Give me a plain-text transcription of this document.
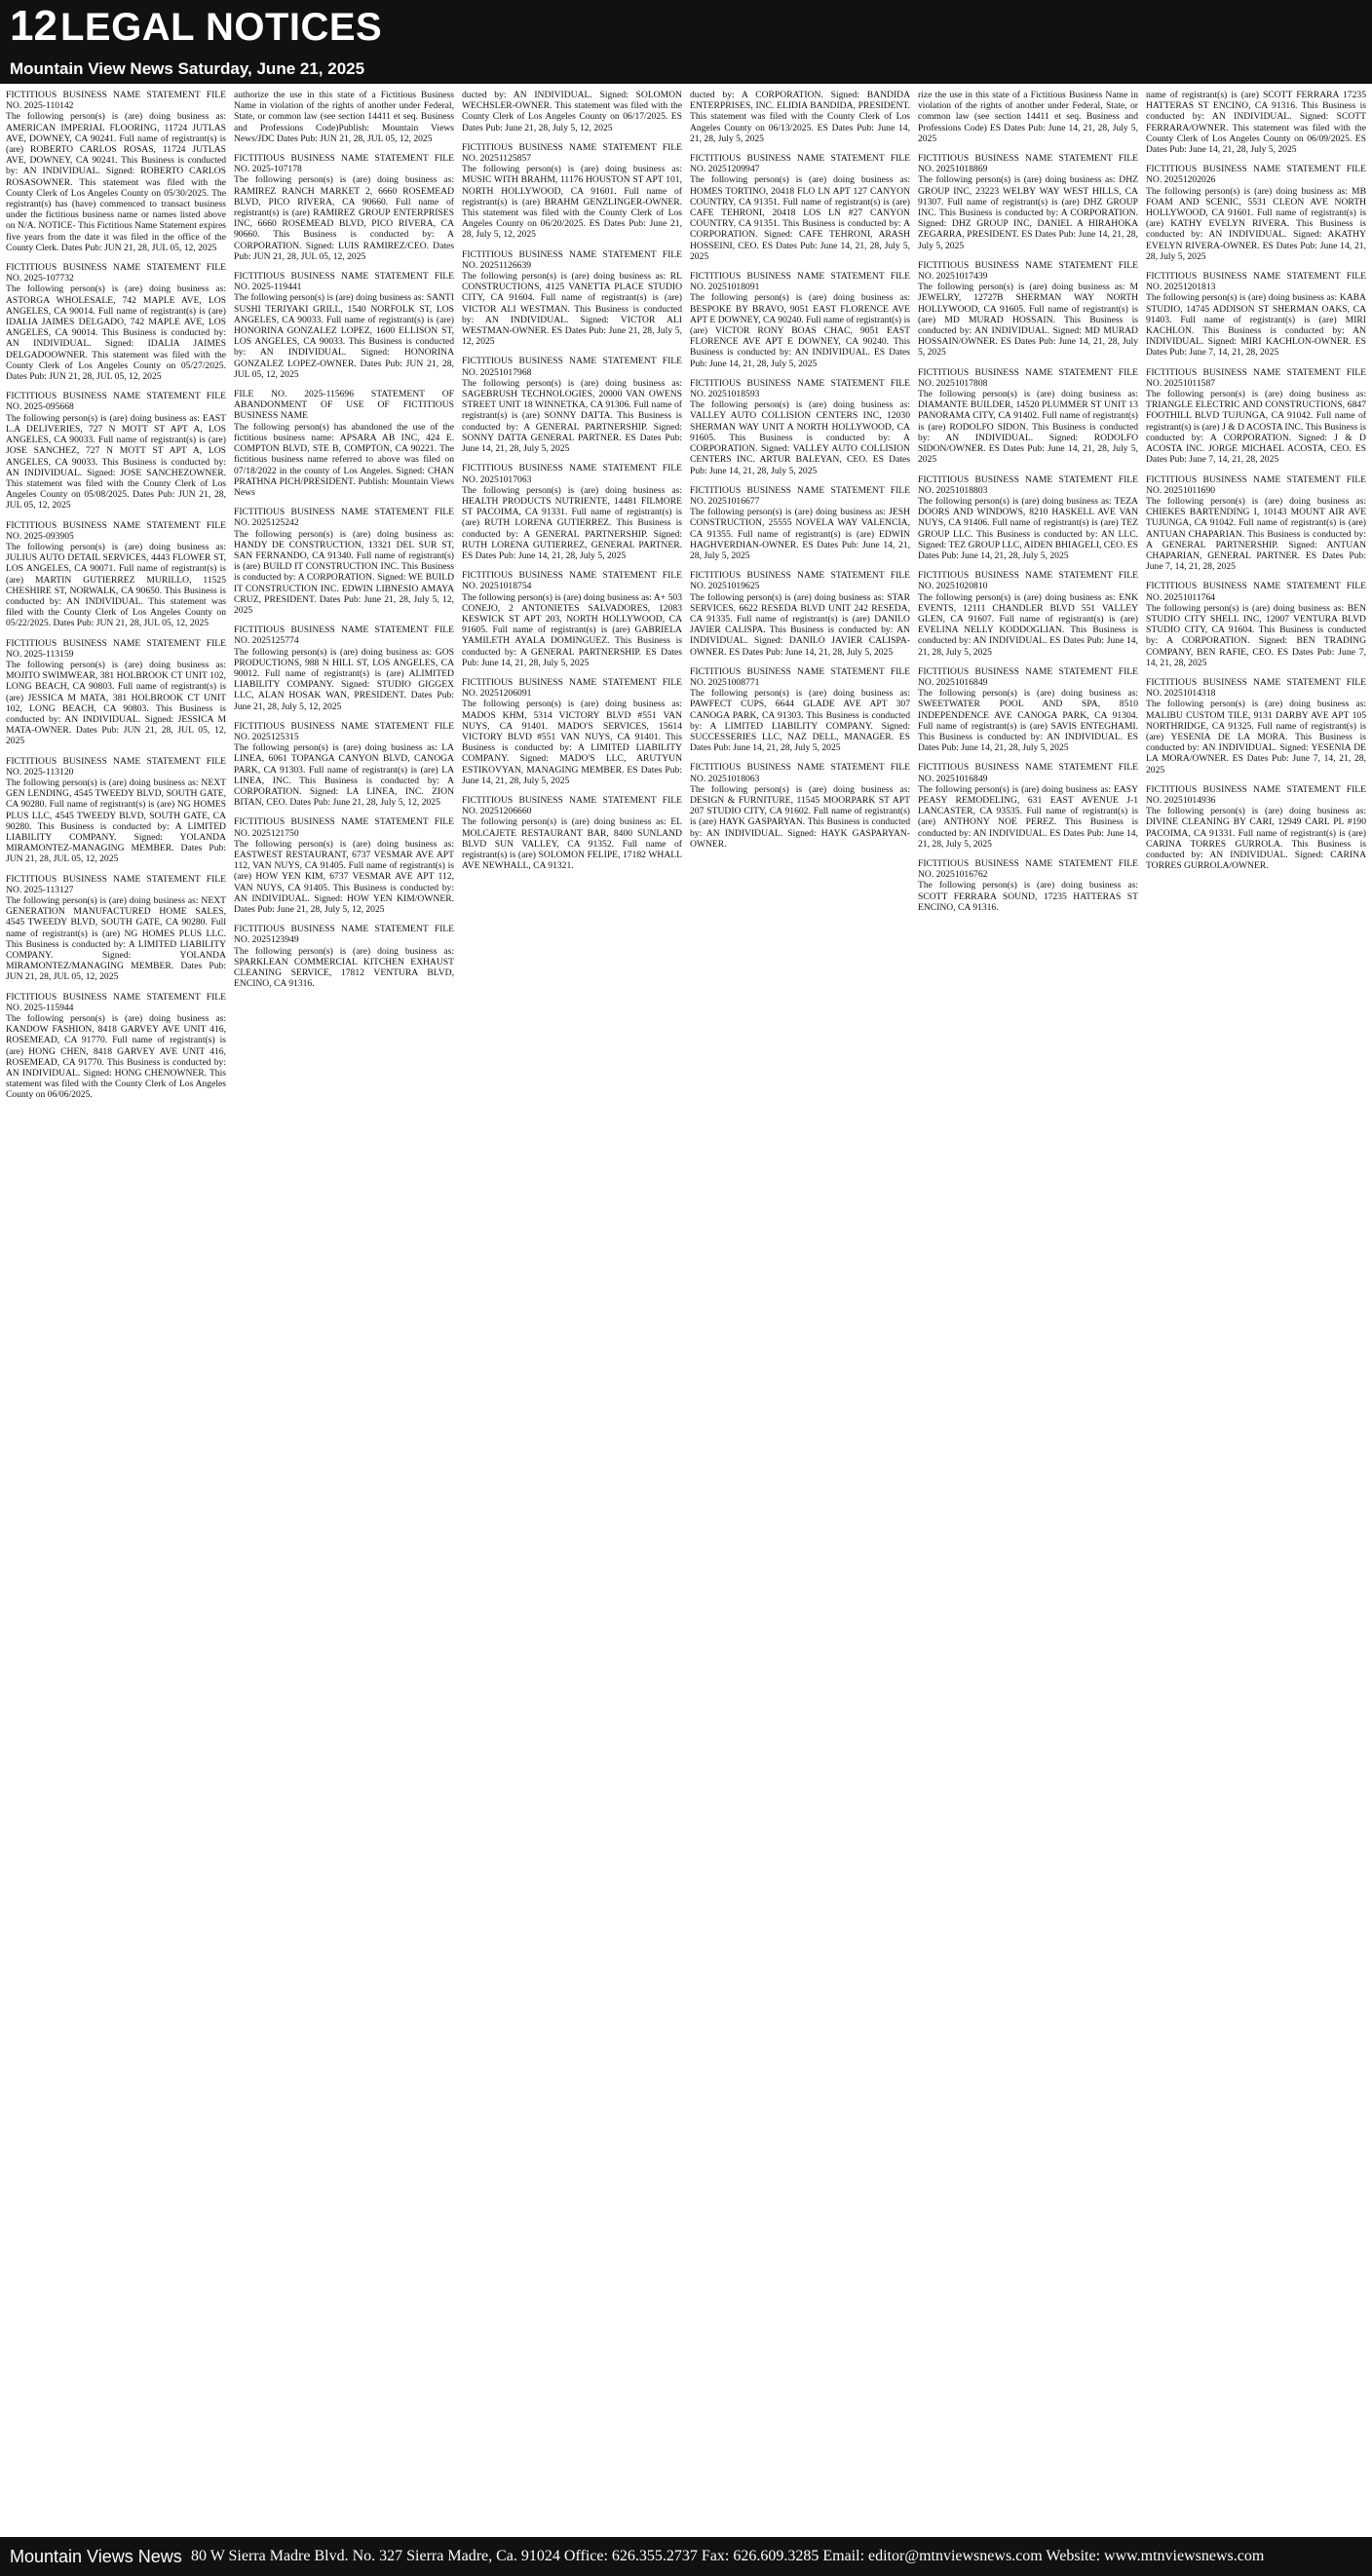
12 LEGAL NOTICES
Mountain View News Saturday, June 21, 2025
FICTITIOUS BUSINESS NAME STATEMENT FILE NO. 2025-110142
The following person(s) is (are) doing business as: AMERICAN IMPERIAL FLOORING, 11724 JUTLAS AVE, DOWNEY, CA 90241. Full name of registrant(s) is (are) ROBERTO CARLOS ROSAS, 11724 JUTLAS AVE, DOWNEY, CA 90241. This Business is conducted by: AN INDIVIDUAL. Signed: ROBERTO CARLOS ROSASOWNER. This statement was filed with the County Clerk of Los Angeles County on 05/30/2025. The registrant(s) has (have) commenced to transact business under the fictitious business name or names listed above on N/A. NOTICE- This Fictitious Name Statement expires five years from the date it was filed in the office of the County Clerk. Dates Pub: JUN 21, 28, JUL 05, 12, 2025
FICTITIOUS BUSINESS NAME STATEMENT FILE NO. 2025-107732
The following person(s) is (are) doing business as: ASTORGA WHOLESALE, 742 MAPLE AVE, LOS ANGELES, CA 90014. Full name of registrant(s) is (are) IDALIA JAIMES DELGADO, 742 MAPLE AVE, LOS ANGELES, CA 90014. This Business is conducted by: AN INDIVIDUAL. Signed: IDALIA JAIMES DELGADOOWNER. This statement was filed with the County Clerk of Los Angeles County on 05/27/2025. Dates Pub: JUN 21, 28, JUL 05, 12, 2025
FICTITIOUS BUSINESS NAME STATEMENT FILE NO. 2025-095668
The following person(s) is (are) doing business as: EAST L.A DELIVERIES, 727 N MOTT ST APT A, LOS ANGELES, CA 90033. Full name of registrant(s) is (are) JOSE SANCHEZ, 727 N MOTT ST APT A, LOS ANGELES, CA 90033. This Business is conducted by: AN INDIVIDUAL. Signed: JOSE SANCHEZOWNER. This statement was filed with the County Clerk of Los Angeles County on 05/08/2025. Dates Pub: JUN 21, 28, JUL 05, 12, 2025
FICTITIOUS BUSINESS NAME STATEMENT FILE NO. 2025-093905
The following person(s) is (are) doing business as: JULIUS AUTO DETAIL SERVICES, 4443 FLOWER ST, LOS ANGELES, CA 90071. Full name of registrant(s) is (are) MARTIN GUTIERREZ MURILLO, 11525 CHESHIRE ST, NORWALK, CA 90650. This Business is conducted by: AN INDIVIDUAL. This statement was filed with the County Clerk of Los Angeles County on 05/22/2025. Dates Pub: JUN 21, 28, JUL 05, 12, 2025
FICTITIOUS BUSINESS NAME STATEMENT FILE NO. 2025-113159
The following person(s) is (are) doing business as: MOJITO SWIMWEAR, 381 HOLBROOK CT UNIT 102, LONG BEACH, CA 90803. Full name of registrant(s) is (are) JESSICA M MATA, 381 HOLBROOK CT UNIT 102, LONG BEACH, CA 90803. This Business is conducted by: AN INDIVIDUAL. Signed: JESSICA M MATA-OWNER. Dates Pub: JUN 21, 28, JUL 05, 12, 2025
FICTITIOUS BUSINESS NAME STATEMENT FILE NO. 2025-113120
The following person(s) is (are) doing business as: NEXT GEN LENDING, 4545 TWEEDY BLVD, SOUTH GATE, CA 90280. Full name of registrant(s) is (are) NG HOMES PLUS LLC, 4545 TWEEDY BLVD, SOUTH GATE, CA 90280. This Business is conducted by: A LIMITED LIABILITY COMPANY. Signed: YOLANDA MIRAMONTEZ-MANAGING MEMBER. Dates Pub: JUN 21, 28, JUL 05, 12, 2025
FICTITIOUS BUSINESS NAME STATEMENT FILE NO. 2025-113127
The following person(s) is (are) doing business as: NEXT GENERATION MANUFACTURED HOME SALES, 4545 TWEEDY BLVD, SOUTH GATE, CA 90280. Full name of registrant(s) is (are) NG HOMES PLUS LLC. This Business is conducted by: A LIMITED LIABILITY COMPANY. Signed: YOLANDA MIRAMONTEZ/MANAGING MEMBER. Dates Pub: JUN 21, 28, JUL 05, 12, 2025
FICTITIOUS BUSINESS NAME STATEMENT FILE NO. 2025-115944
The following person(s) is (are) doing business as: KANDOW FASHION, 8418 GARVEY AVE UNIT 416, ROSEMEAD, CA 91770. Full name of registrant(s) is (are) HONG CHEN, 8418 GARVEY AVE UNIT 416, ROSEMEAD, CA 91770. This Business is conducted by: AN INDIVIDUAL. Signed: HONG CHENOWNER. This statement was filed with the County Clerk of Los Angeles County on 06/06/2025.
authorize the use in this state of a Fictitious Business Name in violation of the rights of another under Federal, State, or common law (see section 14411 et seq. Business and Professions Code)Publish: Mountain Views News/JDC Dates Pub: JUN 21, 28, JUL 05, 12, 2025
FICTITIOUS BUSINESS NAME STATEMENT FILE NO. 2025-107178
The following person(s) is (are) doing business as: RAMIREZ RANCH MARKET 2, 6660 ROSEMEAD BLVD, PICO RIVERA, CA 90660. Full name of registrant(s) is (are) RAMIREZ GROUP ENTERPRISES INC, 6660 ROSEMEAD BLVD, PICO RIVERA, CA 90660. This Business is conducted by: A CORPORATION. Signed: LUIS RAMIREZ/CEO. Dates Pub: JUN 21, 28, JUL 05, 12, 2025
FICTITIOUS BUSINESS NAME STATEMENT FILE NO. 2025-119441
The following person(s) is (are) doing business as: SANTI SUSHI TERIYAKI GRILL, 1540 NORFOLK ST, LOS ANGELES, CA 90033. Full name of registrant(s) is (are) HONORINA GONZALEZ LOPEZ, 1600 ELLISON ST, LOS ANGELES, CA 90033. This Business is conducted by: AN INDIVIDUAL. Signed: HONORINA GONZALEZ LOPEZ-OWNER. Dates Pub: JUN 21, 28, JUL 05, 12, 2025
FILE NO. 2025-115696 STATEMENT OF ABANDONMENT OF USE OF FICTITIOUS BUSINESS NAME
The following person(s) has abandoned the use of the fictitious business name: APSARA AB INC, 424 E. COMPTON BLVD, STE B, COMPTON, CA 90221. The fictitious business name referred to above was filed on 07/18/2022 in the county of Los Angeles. Signed: CHAN PRATHNA PICH/PRESIDENT. Publish: Mountain Views News
FICTITIOUS BUSINESS NAME STATEMENT FILE NO. 2025125242
The following person(s) is (are) doing business as: HANDY DE CONSTRUCTION, 13321 DEL SUR ST, SAN FERNANDO, CA 91340. Full name of registrant(s) is (are) BUILD IT CONSTRUCTION INC. This Business is conducted by: A CORPORATION. Signed: WE BUILD IT CONSTRUCTION INC. EDWIN LIBNESIO AMAYA CRUZ, PRESIDENT. Dates Pub: June 21, 28, July 5, 12, 2025
FICTITIOUS BUSINESS NAME STATEMENT FILE NO. 2025125774
The following person(s) is (are) doing business as: GOS PRODUCTIONS, 988 N HILL ST, LOS ANGELES, CA 90012. Full name of registrant(s) is (are) ALIMITED LIABILITY COMPANY. Signed: STUDIO GIGGEX LLC, ALAN HOSAK WAN, PRESIDENT. Dates Pub: June 21, 28, July 5, 12, 2025
FICTITIOUS BUSINESS NAME STATEMENT FILE NO. 2025125315
The following person(s) is (are) doing business as: LA LINEA, 6061 TOPANGA CANYON BLVD, CANOGA PARK, CA 91303. Full name of registrant(s) is (are) LA LINEA, INC. This Business is conducted by: A CORPORATION. Signed: LA LINEA, INC. ZION BITAN, CEO. Dates Pub: June 21, 28, July 5, 12, 2025
FICTITIOUS BUSINESS NAME STATEMENT FILE NO. 2025121750
The following person(s) is (are) doing business as: EASTWEST RESTAURANT, 6737 VESMAR AVE APT 112, VAN NUYS, CA 91405. Full name of registrant(s) is (are) HOW YEN KIM, 6737 VESMAR AVE APT 112, VAN NUYS, CA 91405. This Business is conducted by: AN INDIVIDUAL. Signed: HOW YEN KIM/OWNER. Dates Pub: June 21, 28, July 5, 12, 2025
FICTITIOUS BUSINESS NAME STATEMENT FILE NO. 2025123949
The following person(s) is (are) doing business as: SPARKLEAN COMMERCIAL KITCHEN EXHAUST CLEANING SERVICE, 17812 VENTURA BLVD, ENCINO, CA 91316.
ducted by: AN INDIVIDUAL. Signed: SOLOMON WECHSLER-OWNER. This statement was filed with the County Clerk of Los Angeles County on 06/17/2025. ES Dates Pub: June 21, 28, July 5, 12, 2025
FICTITIOUS BUSINESS NAME STATEMENT FILE NO. 20251125857
The following person(s) is (are) doing business as: MUSIC WITH BRAHM, 11176 HOUSTON ST APT 101, NORTH HOLLYWOOD, CA 91601. Full name of registrant(s) is (are) BRAHM GENZLINGER-OWNER. This statement was filed with the County Clerk of Los Angeles County on 06/20/2025. ES Dates Pub: June 21, 28, July 5, 12, 2025
FICTITIOUS BUSINESS NAME STATEMENT FILE NO. 20251126639
The following person(s) is (are) doing business as: RL CONSTRUCTIONS, 4125 VANETTA PLACE STUDIO CITY, CA 91604. Full name of registrant(s) is (are) VICTOR ALI WESTMAN. This Business is conducted by: AN INDIVIDUAL. Signed: VICTOR ALI WESTMAN-OWNER. ES Dates Pub: June 21, 28, July 5, 12, 2025
FICTITIOUS BUSINESS NAME STATEMENT FILE NO. 20251017968
The following person(s) is (are) doing business as: SAGEBRUSH TECHNOLOGIES, 20000 VAN OWENS STREET UNIT 18 WINNETKA, CA 91306. Full name of registrant(s) is (are) SONNY DATTA. This Business is conducted by: A GENERAL PARTNERSHIP. Signed: SONNY DATTA GENERAL PARTNER. ES Dates Pub: June 14, 21, 28, July 5, 2025
FICTITIOUS BUSINESS NAME STATEMENT FILE NO. 20251017063
The following person(s) is (are) doing business as: HEALTH PRODUCTS NUTRIENTE, 14481 FILMORE ST PACOIMA, CA 91331. Full name of registrant(s) is (are) RUTH LORENA GUTIERREZ. This Business is conducted by: A GENERAL PARTNERSHIP. Signed: RUTH LORENA GUTIERREZ, GENERAL PARTNER. ES Dates Pub: June 14, 21, 28, July 5, 2025
FICTITIOUS BUSINESS NAME STATEMENT FILE NO. 20251018754
The following person(s) is (are) doing business as: A+ 503 CONEJO, 2 ANTONIETES SALVADORES, 12083 KESWICK ST APT 203, NORTH HOLLYWOOD, CA 91605. Full name of registrant(s) is (are) GABRIELA YAMILETH AYALA DOMINGUEZ. This Business is conducted by: A GENERAL PARTNERSHIP. ES Dates Pub: June 14, 21, 28, July 5, 2025
FICTITIOUS BUSINESS NAME STATEMENT FILE NO. 20251206091
The following person(s) is (are) doing business as: MADOS KHM, 5314 VICTORY BLVD #551 VAN NUYS, CA 91401. MADO'S SERVICES, 15614 VICTORY BLVD #551 VAN NUYS, CA 91401. This Business is conducted by: A LIMITED LIABILITY COMPANY. Signed: MADO'S LLC, ARUTYUN ESTIKOVYAN, MANAGING MEMBER. ES Dates Pub: June 14, 21, 28, July 5, 2025
FICTITIOUS BUSINESS NAME STATEMENT FILE NO. 20251206660
The following person(s) is (are) doing business as: EL MOLCAJETE RESTAURANT BAR, 8400 SUNLAND BLVD SUN VALLEY, CA 91352. Full name of registrant(s) is (are) SOLOMON FELIPE, 17182 WHALL AVE NEWHALL, CA 91321.
ducted by: A CORPORATION. Signed: BANDIDA ENTERPRISES, INC. ELIDIA BANDIDA, PRESIDENT. This statement was filed with the County Clerk of Los Angeles County on 06/13/2025. ES Dates Pub: June 14, 21, 28, July 5, 2025
FICTITIOUS BUSINESS NAME STATEMENT FILE NO. 20251209947
The following person(s) is (are) doing business as: HOMES TORTINO, 20418 FLO LN APT 127 CANYON COUNTRY, CA 91351. Full name of registrant(s) is (are) CAFE TEHRONI, 20418 LOS LN #27 CANYON COUNTRY, CA 91351. This Business is conducted by: A CORPORATION. Signed: CAFE TEHRONI, ARASH HOSSEINI, CEO. ES Dates Pub: June 14, 21, 28, July 5, 2025
FICTITIOUS BUSINESS NAME STATEMENT FILE NO. 20251018091
The following person(s) is (are) doing business as: BESPOKE BY BRAVO, 9051 EAST FLORENCE AVE APT E DOWNEY, CA 90240. Full name of registrant(s) is (are) VICTOR RONY BOAS CHAC, 9051 EAST FLORENCE AVE APT E DOWNEY, CA 90240. This Business is conducted by: AN INDIVIDUAL. ES Dates Pub: June 14, 21, 28, July 5, 2025
FICTITIOUS BUSINESS NAME STATEMENT FILE NO. 20251018593
The following person(s) is (are) doing business as: VALLEY AUTO COLLISION CENTERS INC, 12030 SHERMAN WAY UNIT A NORTH HOLLYWOOD, CA 91605. This Business is conducted by: A CORPORATION. Signed: VALLEY AUTO COLLISION CENTERS INC. ARTUR BALEYAN, CEO. ES Dates Pub: June 14, 21, 28, July 5, 2025
FICTITIOUS BUSINESS NAME STATEMENT FILE NO. 20251016677
The following person(s) is (are) doing business as: JESH CONSTRUCTION, 25555 NOVELA WAY VALENCIA, CA 91355. Full name of registrant(s) is (are) EDWIN HAGHVERDIAN-OWNER. ES Dates Pub: June 14, 21, 28, July 5, 2025
FICTITIOUS BUSINESS NAME STATEMENT FILE NO. 20251019625
The following person(s) is (are) doing business as: STAR SERVICES, 6622 RESEDA BLVD UNIT 242 RESEDA, CA 91335. Full name of registrant(s) is (are) DANILO JAVIER CALISPA. This Business is conducted by: AN INDIVIDUAL. Signed: DANILO JAVIER CALISPA-OWNER. ES Dates Pub: June 14, 21, 28, July 5, 2025
FICTITIOUS BUSINESS NAME STATEMENT FILE NO. 20251008771
The following person(s) is (are) doing business as: PAWFECT CUPS, 6644 GLADE AVE APT 307 CANOGA PARK, CA 91303. This Business is conducted by: A LIMITED LIABILITY COMPANY. Signed: SUCCESSERIES LLC, NAZ DELL, MANAGER. ES Dates Pub: June 14, 21, 28, July 5, 2025
FICTITIOUS BUSINESS NAME STATEMENT FILE NO. 20251018063
The following person(s) is (are) doing business as: DESIGN & FURNITURE, 11545 MOORPARK ST APT 207 STUDIO CITY, CA 91602. Full name of registrant(s) is (are) HAYK GASPARYAN. This Business is conducted by: AN INDIVIDUAL. Signed: HAYK GASPARYAN-OWNER.
rize the use in this state of a Fictitious Business Name in violation of the rights of another under Federal, State, or common law (see section 14411 et seq. Business and Professions Code) ES Dates Pub: June 14, 21, 28, July 5, 2025
FICTITIOUS BUSINESS NAME STATEMENT FILE NO. 20251018869
The following person(s) is (are) doing business as: DHZ GROUP INC, 23223 WELBY WAY WEST HILLS, CA 91307. Full name of registrant(s) is (are) DHZ GROUP INC. This Business is conducted by: A CORPORATION. Signed: DHZ GROUP INC, DANIEL A HIRAHOKA ZEGARRA, PRESIDENT. ES Dates Pub: June 14, 21, 28, July 5, 2025
FICTITIOUS BUSINESS NAME STATEMENT FILE NO. 20251017439
The following person(s) is (are) doing business as: M JEWELRY, 12727B SHERMAN WAY NORTH HOLLYWOOD, CA 91605. Full name of registrant(s) is (are) MD MURAD HOSSAIN. This Business is conducted by: AN INDIVIDUAL. Signed: MD MURAD HOSSAIN/OWNER. ES Dates Pub: June 14, 21, 28, July 5, 2025
FICTITIOUS BUSINESS NAME STATEMENT FILE NO. 20251017808
The following person(s) is (are) doing business as: DIAMANTE BUILDER, 14520 PLUMMER ST UNIT 13 PANORAMA CITY, CA 91402. Full name of registrant(s) is (are) RODOLFO SIDON. This Business is conducted by: AN INDIVIDUAL. Signed: RODOLFO SIDON/OWNER. ES Dates Pub: June 14, 21, 28, July 5, 2025
FICTITIOUS BUSINESS NAME STATEMENT FILE NO. 20251018803
The following person(s) is (are) doing business as: TEZA DOORS AND WINDOWS, 8210 HASKELL AVE VAN NUYS, CA 91406. Full name of registrant(s) is (are) TEZ GROUP LLC. This Business is conducted by: AN LLC. Signed: TEZ GROUP LLC, AIDEN BHIAGELI, CEO. ES Dates Pub: June 14, 21, 28, July 5, 2025
FICTITIOUS BUSINESS NAME STATEMENT FILE NO. 20251020810
The following person(s) is (are) doing business as: ENK EVENTS, 12111 CHANDLER BLVD 551 VALLEY GLEN, CA 91607. Full name of registrant(s) is (are) EVELINA NELLY KODDOGLIAN. This Business is conducted by: AN INDIVIDUAL. ES Dates Pub: June 14, 21, 28, July 5, 2025
FICTITIOUS BUSINESS NAME STATEMENT FILE NO. 20251016849
The following person(s) is (are) doing business as: SWEETWATER POOL AND SPA, 8510 INDEPENDENCE AVE CANOGA PARK, CA 91304. Full name of registrant(s) is (are) SAVIS ENTEGHAMI. This Business is conducted by: AN INDIVIDUAL. ES Dates Pub: June 14, 21, 28, July 5, 2025
FICTITIOUS BUSINESS NAME STATEMENT FILE NO. 20251016849
The following person(s) is (are) doing business as: EASY PEASY REMODELING, 631 EAST AVENUE J-1 LANCASTER, CA 93535. Full name of registrant(s) is (are) ANTHONY NOE PEREZ. This Business is conducted by: AN INDIVIDUAL. ES Dates Pub: June 14, 21, 28, July 5, 2025
FICTITIOUS BUSINESS NAME STATEMENT FILE NO. 20251016762
The following person(s) is (are) doing business as: SCOTT FERRARA SOUND, 17235 HATTERAS ST ENCINO, CA 91316.
name of registrant(s) is (are) SCOTT FERRARA 17235 HATTERAS ST ENCINO, CA 91316. This Business is conducted by: AN INDIVIDUAL. Signed: SCOTT FERRARA/OWNER. This statement was filed with the County Clerk of Los Angeles County on 06/09/2025. ES Dates Pub: June 14, 21, 28, July 5, 2025
FICTITIOUS BUSINESS NAME STATEMENT FILE NO. 20251202026
The following person(s) is (are) doing business as: MB FOAM AND SCENIC, 5531 CLEON AVE NORTH HOLLYWOOD, CA 91601. Full name of registrant(s) is (are) KATHY EVELYN RIVERA. This Business is conducted by: AN INDIVIDUAL. Signed: AKATHY EVELYN RIVERA-OWNER. ES Dates Pub: June 14, 21, 28, July 5, 2025
FICTITIOUS BUSINESS NAME STATEMENT FILE NO. 20251201813
The following person(s) is (are) doing business as: KABA STUDIO, 14745 ADDISON ST SHERMAN OAKS, CA 91403. Full name of registrant(s) is (are) MIRI KACHLON. This Business is conducted by: AN INDIVIDUAL. Signed: MIRI KACHLON-OWNER. ES Dates Pub: June 7, 14, 21, 28, 2025
FICTITIOUS BUSINESS NAME STATEMENT FILE NO. 20251011587
The following person(s) is (are) doing business as: TRIANGLE ELECTRIC AND CONSTRUCTIONS, 6847 FOOTHILL BLVD TUJUNGA, CA 91042. Full name of registrant(s) is (are) J & D ACOSTA INC. This Business is conducted by: A CORPORATION. Signed: J & D ACOSTA INC. JORGE MICHAEL ACOSTA, CEO. ES Dates Pub: June 7, 14, 21, 28, 2025
FICTITIOUS BUSINESS NAME STATEMENT FILE NO. 20251011690
The following person(s) is (are) doing business as: CHIEKES BARTENDING I, 10143 MOUNT AIR AVE TUJUNGA, CA 91042. Full name of registrant(s) is (are) ANTUAN CHAPARIAN. This Business is conducted by: A GENERAL PARTNERSHIP. Signed: ANTUAN CHAPARIAN, GENERAL PARTNER. ES Dates Pub: June 7, 14, 21, 28, 2025
FICTITIOUS BUSINESS NAME STATEMENT FILE NO. 20251011764
The following person(s) is (are) doing business as: BEN STUDIO CITY SHELL INC, 12007 VENTURA BLVD STUDIO CITY, CA 91604. This Business is conducted by: A CORPORATION. Signed: BEN TRADING COMPANY, BEN RAFIE, CEO. ES Dates Pub: June 7, 14, 21, 28, 2025
FICTITIOUS BUSINESS NAME STATEMENT FILE NO. 20251014318
The following person(s) is (are) doing business as: MALIBU CUSTOM TILE, 9131 DARBY AVE APT 105 NORTHRIDGE, CA 91325. Full name of registrant(s) is (are) YESENIA DE LA MORA. This Business is conducted by: AN INDIVIDUAL. Signed: YESENIA DE LA MORA/OWNER. ES Dates Pub: June 7, 14, 21, 28, 2025
FICTITIOUS BUSINESS NAME STATEMENT FILE NO. 20251014936
The following person(s) is (are) doing business as: DIVINE CLEANING BY CARI, 12949 CARL PL #190 PACOIMA, CA 91331. Full name of registrant(s) is (are) CARINA TORRES GURROLA. This Business is conducted by: AN INDIVIDUAL. Signed: CARINA TORRES GURROLA/OWNER.
Mountain Views News 80 W Sierra Madre Blvd. No. 327 Sierra Madre, Ca. 91024 Office: 626.355.2737 Fax: 626.609.3285 Email: editor@mtnviewsnews.com Website: www.mtnviewsnews.com
